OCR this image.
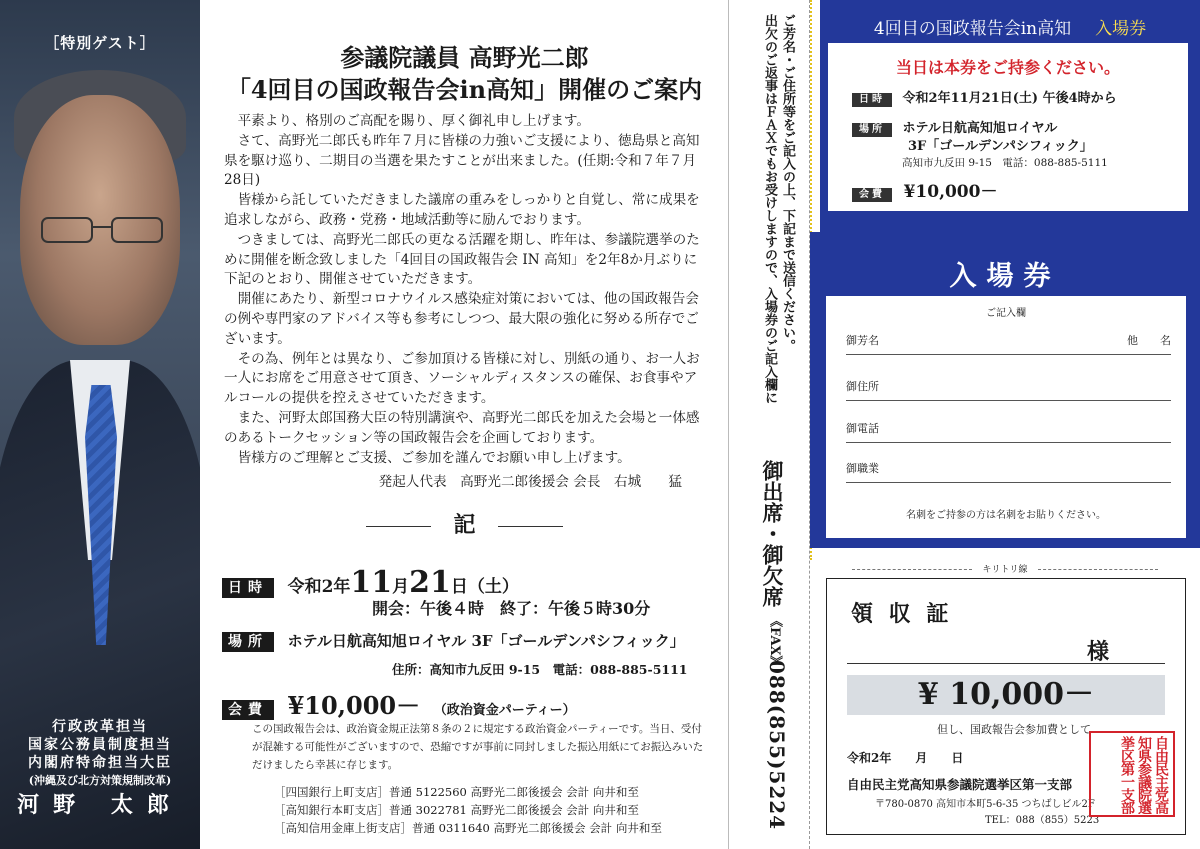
［特別ゲスト］
行政改革担当
国家公務員制度担当
内閣府特命担当大臣
(沖縄及び北方対策規制改革)
河野 太郎
参議院議員 高野光二郎
「4回目の国政報告会in高知」開催のご案内

平素より、格別のご高配を賜り、厚く御礼申し上げます。

さて、高野光二郎氏も昨年７月に皆様の力強いご支援により、徳島県と高知県を駆け巡り、二期目の当選を果たすことが出来ました。(任期:令和７年７月28日)

皆様から託していただきました議席の重みをしっかりと自覚し、常に成果を追求しながら、政務・党務・地域活動等に励んでおります。

つきましては、高野光二郎氏の更なる活躍を期し、昨年は、参議院選挙のために開催を断念致しました「4回目の国政報告会 IN 高知」を2年8か月ぶりに下記のとおり、開催させていただきます。

開催にあたり、新型コロナウイルス感染症対策においては、他の国政報告会の例や専門家のアドバイス等も参考にしつつ、最大限の強化に努める所存でございます。

その為、例年とは異なり、ご参加頂ける皆様に対し、別紙の通り、お一人お一人にお席をご用意させて頂き、ソーシャルディスタンスの確保、お食事やアルコールの提供を控えさせていただきます。

また、河野太郎国務大臣の特別講演や、高野光二郎氏を加えた会場と一体感のあるトークセッション等の国政報告会を企画しております。

皆様方のご理解とご支援、ご参加を謹んでお願い申し上げます。

発起人代表　高野光二郎後援会 会長　右城　　猛
記
日時 令和2年11月21日（土）
開会：午後４時　終了：午後５時30分
場所 ホテル日航高知旭ロイヤル 3F「ゴールデンパシフィック」
住所：高知市九反田 9-15　電話：088-885-5111
会費 ¥10,000－ （政治資金パーティー）
この国政報告会は、政治資金規正法第８条の２に規定する政治資金パーティーです。当日、受付が混雑する可能性がございますので、恐縮ですが事前に同封しました振込用紙にてお振込みいただけましたら幸甚に存じます。
［四国銀行上町支店］普通 5122560 高野光二郎後援会 会計 向井和至
［高知銀行本町支店］普通 3022781 高野光二郎後援会 会計 向井和至
［高知信用金庫上街支店］普通 0311640 高野光二郎後援会 会計 向井和至
出欠のご返事はＦＡＸでもお受けしますので、入場券のご記入欄に ご芳名・ご住所等をご記入の上、下記まで送信ください。
御出席・御欠席
《FAX》
088(855)5224
4回目の国政報告会in高知 入場券
当日は本券をご持参ください。
日時 令和2年11月21日(土) 午後4時から
場所 ホテル日航高知旭ロイヤル
3F「ゴールデンパシフィック」
高知市九反田 9-15　電話：088-885-5111
会費 ¥10,000－
入場券
ご記入欄
御芳名	他　　名
御住所
御電話
御職業
名刺をご持参の方は名刺をお貼りください。
キリトリ線
領 収 証
様
¥ 10,000－
但し、国政報告会参加費として
令和2年　　月　　日
自由民主党高知県参議院選挙区第一支部
〒780-0870 高知市本町5-6-35 つちばしビル2F
TEL：088（855）5223
自由民主党高知県参議院選挙区第一支部
